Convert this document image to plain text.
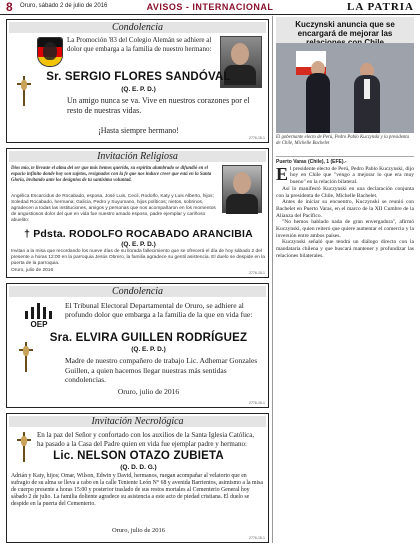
8 Oruro, sábado 2 de julio de 2016	AVISOS - INTERNACIONAL	LA PATRIA
Condolencia
La Promoción '83 del Colegio Alemán se adhiere al dolor que embarga a la familia de nuestro hermano:
Sr. SERGIO FLORES SANDÓVAL
(Q. E. P. D.)
Un amigo nunca se va. Vive en nuestros corazones por el resto de nuestras vidas.
¡Hasta siempre hermano!
2776-15-1
Invitación Religiosa
Dios mío, te llevaste el alma del ser que más hemos querido, su espíritu alumbrado se difundió en el espacio infinito donde hoy son sujetos, resignados con la fe que nos induce creer que está en la Santa Gloria, invitando ante los designios de tu santísima voluntad.
Angélica Escarcidus de Rocabado, esposa, José Luis, Cecil, Rodolfo, Katy y Luis Alberto, hijos; Soledad Rocabado, hermana; Galicia, Pedro y Suyumano, hijos políticos; nietos, sobrinos, agradecen a todas las instituciones, amigos y personas que nos acompañaron en los momentos de angustiosos dolor del que en vida fue nuestro amado esposo, padre ejemplar y cariñoso abuelito:
† Pdsta. RODOLFO ROCABADO ARANCIBIA
(Q. E. P. D.)
Invitan a la misa que recordando los nueve días de su llorada fallecimiento que se ofrecerá el día de hoy sábado 2 del presente a horas 12:00 en la parroquia Jesús Obrero, la familia agradece su gentil asistencia. El duelo se despide en la puerta de la parroquia.
Oruro, julio de 2016	2776-15-1
Condolencia
OEP
El Tribunal Electoral Departamental de Oruro, se adhiere al profundo dolor que embarga a la familia de la que en vida fue:
Sra. ELVIRA GUILLEN RODRÍGUEZ
(Q. E. P. D.)
Madre de nuestro compañero de trabajo Lic. Adhemar Gonzales Guillen, a quien hacemos llegar nuestras más sentidas condolencias.
Oruro, julio de 2016
2776-15-1
Invitación Necrológica
En la paz del Señor y confortado con los auxilios de la Santa Iglesia Católica, ha pasado a la Casa del Padre quien en vida fue ejemplar padre y hermano:
Lic. NELSON OTAZO ZUBIETA
(Q. D. D. G.)
Adrián y Katy, hijos; Omar, Wilson, Edwin y David, hermanos, ruegan acompañar al velatorio que en sufragio de su alma se lleva a cabo en la calle Teniente León N° 68 y avenida Barrientos, asimismo a la misa de cuerpo presente a horas 15:00 y posterior traslado de sus restos mortales al Cementerio General hoy sábado 2 de julio. La familia doliente agradece su asistencia a este acto de piedad cristiana. El duelo se despide en la puerta del Cementerio.
Oruro, julio de 2016
2776-15-1
Kuczynski anuncia que se encargará de mejorar las
El gobernante electo de Perú, Pedro Pablo Kuczynski y la presidenta de Chile, Michelle Bachelet

Puerto Varas (Chile), 1 (EFE).-

El presidente electo de Perú, Pedro Pablo Kuczynski, dijo hoy en Chile que "vengo a mejorar lo que era muy bueno" en la relación bilateral.

Así lo manifestó Kuczynski en una declaración conjunta con la presidenta de Chile, Michelle Bachelet.

Antes de iniciar su encuentro, Kuczynski se reunió con Bachelet en Puerto Varas, en el marco de la XII Cumbre de la Alianza del Pacífico.

"No hemos hablado nada de gran envergadura", afirmó Kuczynski, quien reiteró que quiere aumentar el comercio y la inversión entre ambos países.

Kuczynski señaló que tendrá un diálogo directo con la mandataria chilena y que buscará mantener y profundizar las relaciones bilaterales.
